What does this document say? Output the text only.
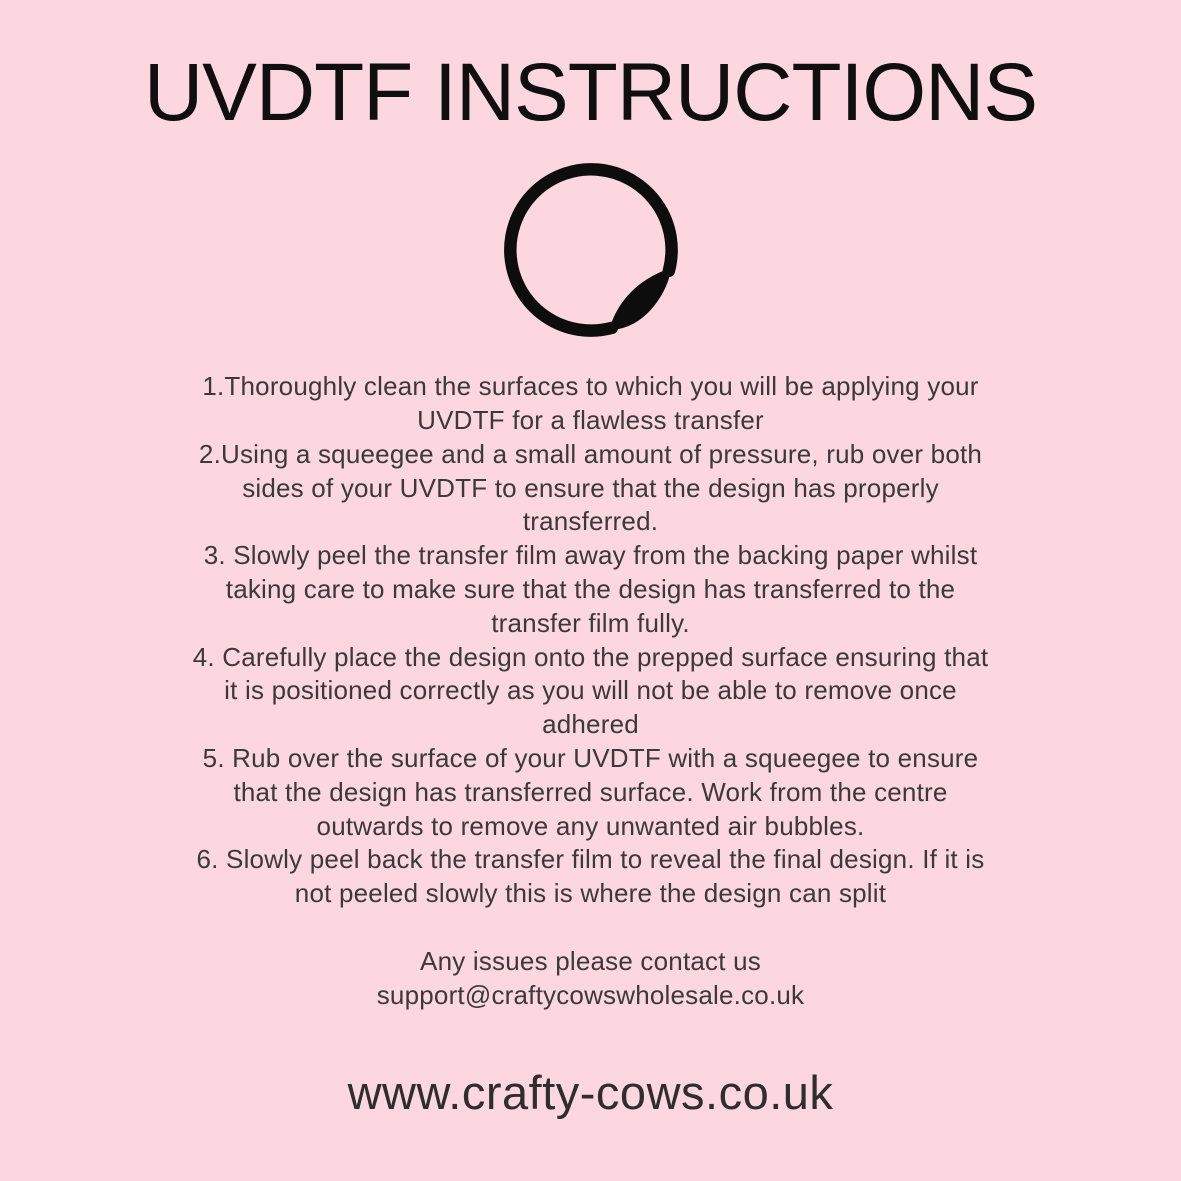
UVDTF INSTRUCTIONS

1.Thoroughly clean the surfaces to which you will be applying your UVDTF for a flawless transfer

2.Using a squeegee and a small amount of pressure, rub over both sides of your UVDTF to ensure that the design has properly transferred.

3. Slowly peel the transfer film away from the backing paper whilst taking care to make sure that the design has transferred to the transfer film fully.

4. Carefully place the design onto the prepped surface ensuring that it is positioned correctly as you will not be able to remove once adhered

5. Rub over the surface of your UVDTF with a squeegee to ensure that the design has transferred surface. Work from the centre outwards to remove any unwanted air bubbles.

6. Slowly peel back the transfer film to reveal the final design. If it is not peeled slowly this is where the design can split

Any issues please contact us

support@craftycowswholesale.co.uk

www.crafty-cows.co.uk
